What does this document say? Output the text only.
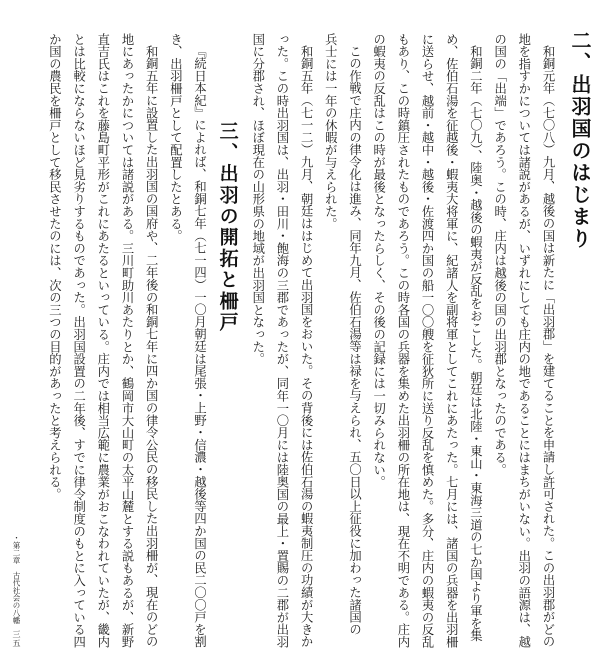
二、出羽国のはじまり
和銅元年（七〇八）九月、越後の国は新たに「出羽郡」を建てることを申請し許可された。この出羽郡がどの
地を指すかについては諸説があるが、いずれにしても庄内の地であることにはまちがいない。出羽の語源は、越
の国の「出端」であろう。この時、庄内は越後の国の出羽郡となったのである。
和銅二年（七〇九）、陸奥・越後の蝦夷が反乱をおこした。朝廷は北陸・東山・東海三道の七か国より軍を集
め、佐伯石湯を征越後・蝦夷大将軍に、紀諸人を副将軍としてこれにあたった。七月には、諸国の兵器を出羽柵
に送らせ、越前・越中・越後・佐渡四か国の船一〇〇艘を征狄所に送り反乱を慎めた。多分、庄内の蝦夷の反乱
もあり、この時鎮圧されたものであろう。この時各国の兵器を集めた出羽柵の所在地は、現在不明である。庄内
の蝦夷の反乱はこの時が最後となったらしく、その後の記録には一切みられない。
この作戦で庄内の律令化は進み、同年九月、佐伯石湯等は禄を与えられ、五〇日以上征役に加わった諸国の
兵士には一年の休暇が与えられた。
和銅五年（七一二）九月、朝廷ははじめて出羽国をおいた。その背後には佐伯石湯の蝦夷制圧の功績が大きか
った。この時出羽国は、出羽・田川・飽海の三郡であったが、同年一〇月には陸奥国の最上・置賜の二郡が出羽
国に分郡され、ほぼ現在の山形県の地域が出羽国となった。
三、出羽の開拓と柵戸
『続日本紀』によれば、和銅七年（七一四）一〇月朝廷は尾張・上野・信濃・越後等四か国の民二〇〇戸を割
き、出羽柵戸として配置したとある。
和銅五年に設置した出羽国の国府や、二年後の和銅七年に四か国の律令公民の移民した出羽柵が、現在のどの
地にあったかについては諸説がある。三川町助川あたりとか、鶴岡市大山町の太平山麓とする説もあるが、新野
直吉氏はこれを藤島町平形がこれにあたるといっている。庄内では相当広範に農業がおこなわれていたが、畿内
とは比較にならないほど見劣りするものであった。出羽国設置の二年後、すでに律令制度のもとに入っている四
か国の農民を柵戸として移民させたのには、次の三つの目的があったと考えられる。
・第二章　古代社会の八幡
三五
